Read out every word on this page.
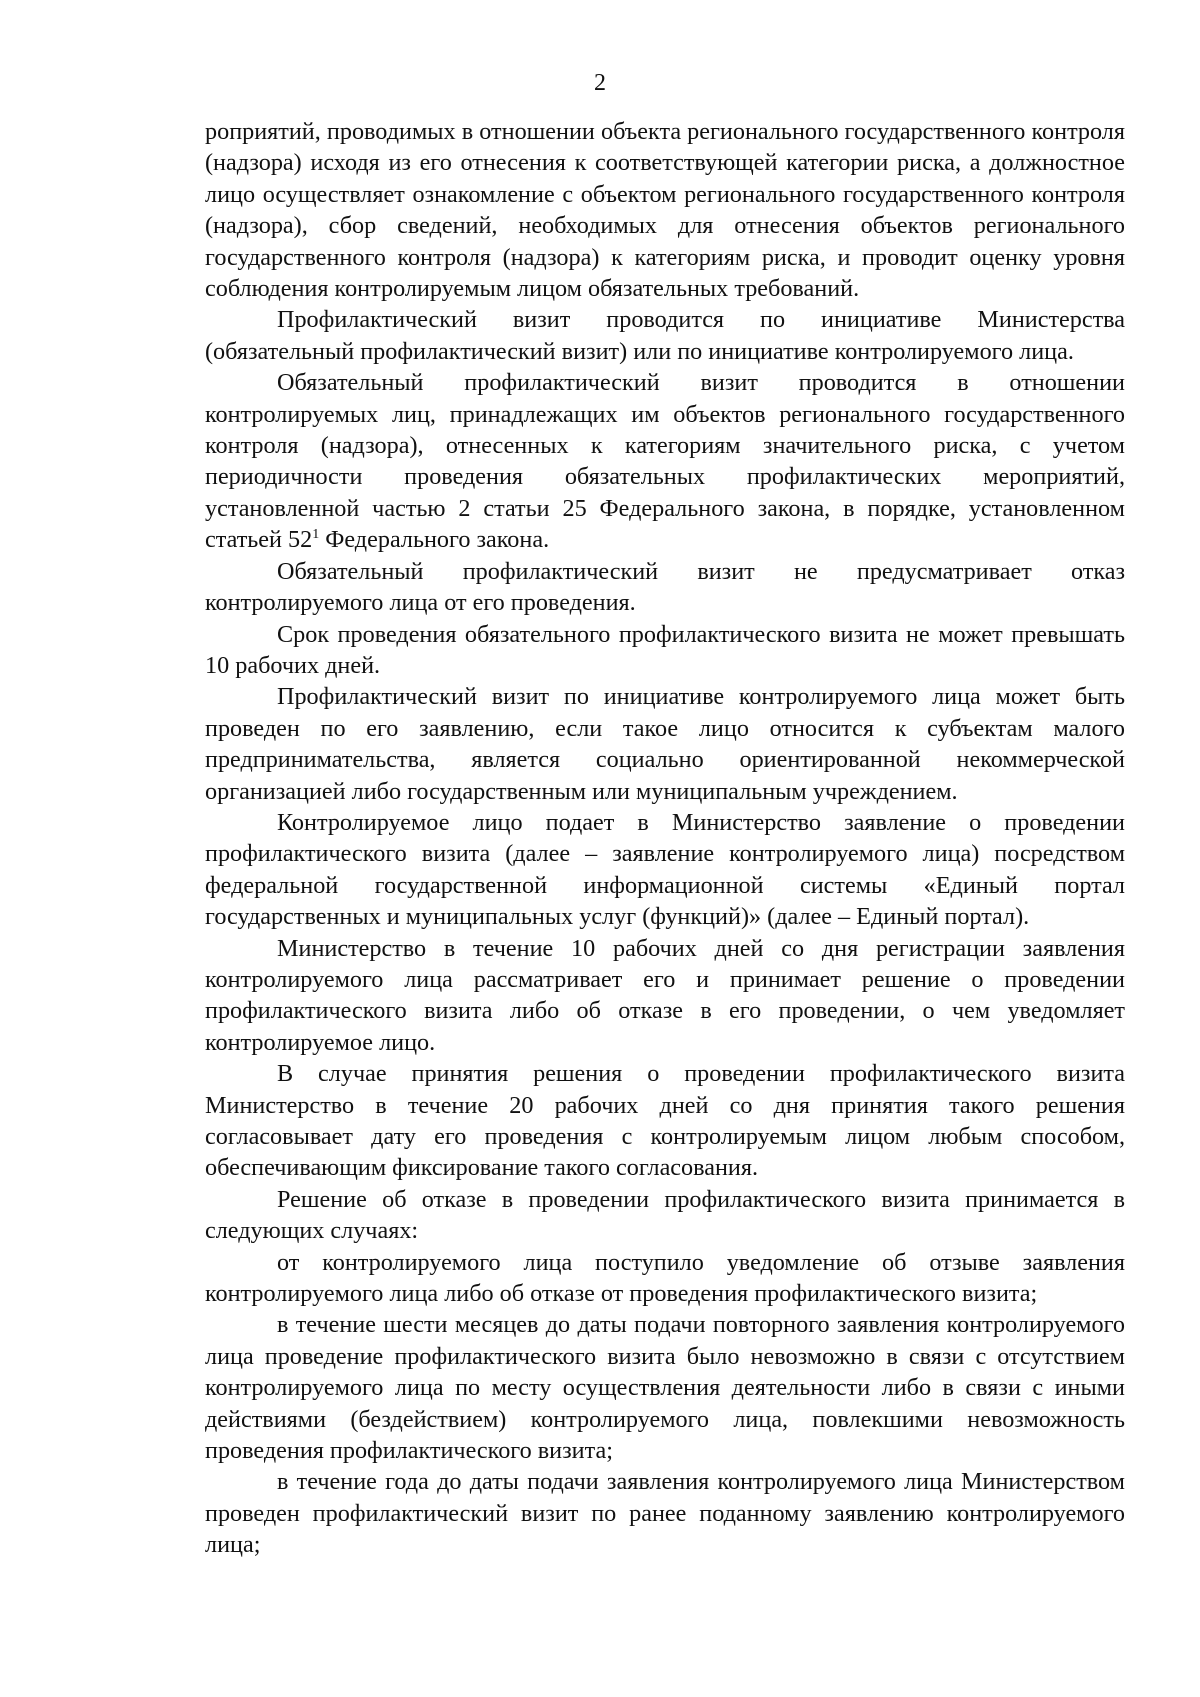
2

роприятий, проводимых в отношении объекта регионального государственного контроля (надзора) исходя из его отнесения к соответствующей категории риска, а должностное лицо осуществляет ознакомление с объектом регионального государственного контроля (надзора), сбор сведений, необходимых для отнесения объектов регионального государственного контроля (надзора) к категориям риска, и проводит оценку уровня соблюдения контролируемым лицом обязательных требований.

Профилактический визит проводится по инициативе Министерства (обязательный профилактический визит) или по инициативе контролируемого лица.

Обязательный профилактический визит проводится в отношении контролируемых лиц, принадлежащих им объектов регионального государственного контроля (надзора), отнесенных к категориям значительного риска, с учетом периодичности проведения обязательных профилактических мероприятий, установленной частью 2 статьи 25 Федерального закона, в порядке, установленном статьей $52^1$ Федерального закона.

Обязательный профилактический визит не предусматривает отказ контролируемого лица от его проведения.

Срок проведения обязательного профилактического визита не может превышать 10 рабочих дней.

Профилактический визит по инициативе контролируемого лица может быть проведен по его заявлению, если такое лицо относится к субъектам малого предпринимательства, является социально ориентированной некоммерческой организацией либо государственным или муниципальным учреждением.

Контролируемое лицо подает в Министерство заявление о проведении профилактического визита (далее – заявление контролируемого лица) посредством федеральной государственной информационной системы «Единый портал государственных и муниципальных услуг (функций)» (далее – Единый портал).

Министерство в течение 10 рабочих дней со дня регистрации заявления контролируемого лица рассматривает его и принимает решение о проведении профилактического визита либо об отказе в его проведении, о чем уведомляет контролируемое лицо.

В случае принятия решения о проведении профилактического визита Министерство в течение 20 рабочих дней со дня принятия такого решения согласовывает дату его проведения с контролируемым лицом любым способом, обеспечивающим фиксирование такого согласования.

Решение об отказе в проведении профилактического визита принимается в следующих случаях:

от контролируемого лица поступило уведомление об отзыве заявления контролируемого лица либо об отказе от проведения профилактического визита;

в течение шести месяцев до даты подачи повторного заявления контролируемого лица проведение профилактического визита было невозможно в связи с отсутствием контролируемого лица по месту осуществления деятельности либо в связи с иными действиями (бездействием) контролируемого лица, повлекшими невозможность проведения профилактического визита;

в течение года до даты подачи заявления контролируемого лица Министерством проведен профилактический визит по ранее поданному заявлению контролируемого лица;
